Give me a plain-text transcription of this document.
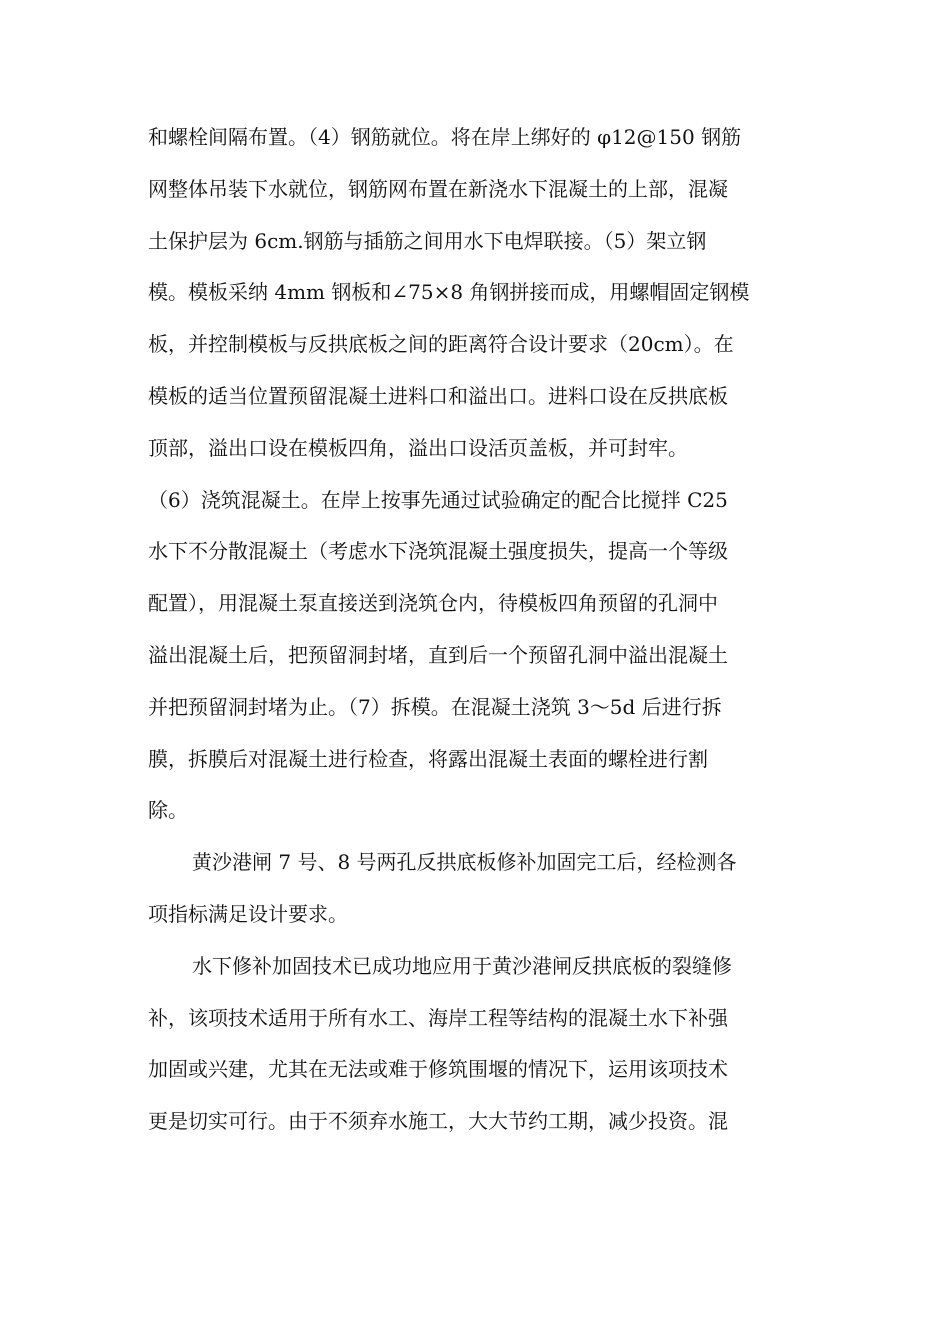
和螺栓间隔布置。（4）钢筋就位。将在岸上绑好的 φ12@150 钢筋
网整体吊装下水就位，钢筋网布置在新浇水下混凝土的上部，混凝
土保护层为 6cm.钢筋与插筋之间用水下电焊联接。（5）架立钢
模。模板采纳 4mm 钢板和∠75×8 角钢拼接而成，用螺帽固定钢模
板，并控制模板与反拱底板之间的距离符合设计要求（20cm）。在
模板的适当位置预留混凝土进料口和溢出口。进料口设在反拱底板
顶部，溢出口设在模板四角，溢出口设活页盖板，并可封牢。
（6）浇筑混凝土。在岸上按事先通过试验确定的配合比搅拌 C25
水下不分散混凝土（考虑水下浇筑混凝土强度损失，提高一个等级
配置），用混凝土泵直接送到浇筑仓内，待模板四角预留的孔洞中
溢出混凝土后，把预留洞封堵，直到后一个预留孔洞中溢出混凝土
并把预留洞封堵为止。（7）拆模。在混凝土浇筑 3～5d 后进行拆
膜，拆膜后对混凝土进行检查，将露出混凝土表面的螺栓进行割
除。
黄沙港闸 7 号、8 号两孔反拱底板修补加固完工后，经检测各
项指标满足设计要求。
水下修补加固技术已成功地应用于黄沙港闸反拱底板的裂缝修
补，该项技术适用于所有水工、海岸工程等结构的混凝土水下补强
加固或兴建，尤其在无法或难于修筑围堰的情况下，运用该项技术
更是切实可行。由于不须弃水施工，大大节约工期，减少投资。混
